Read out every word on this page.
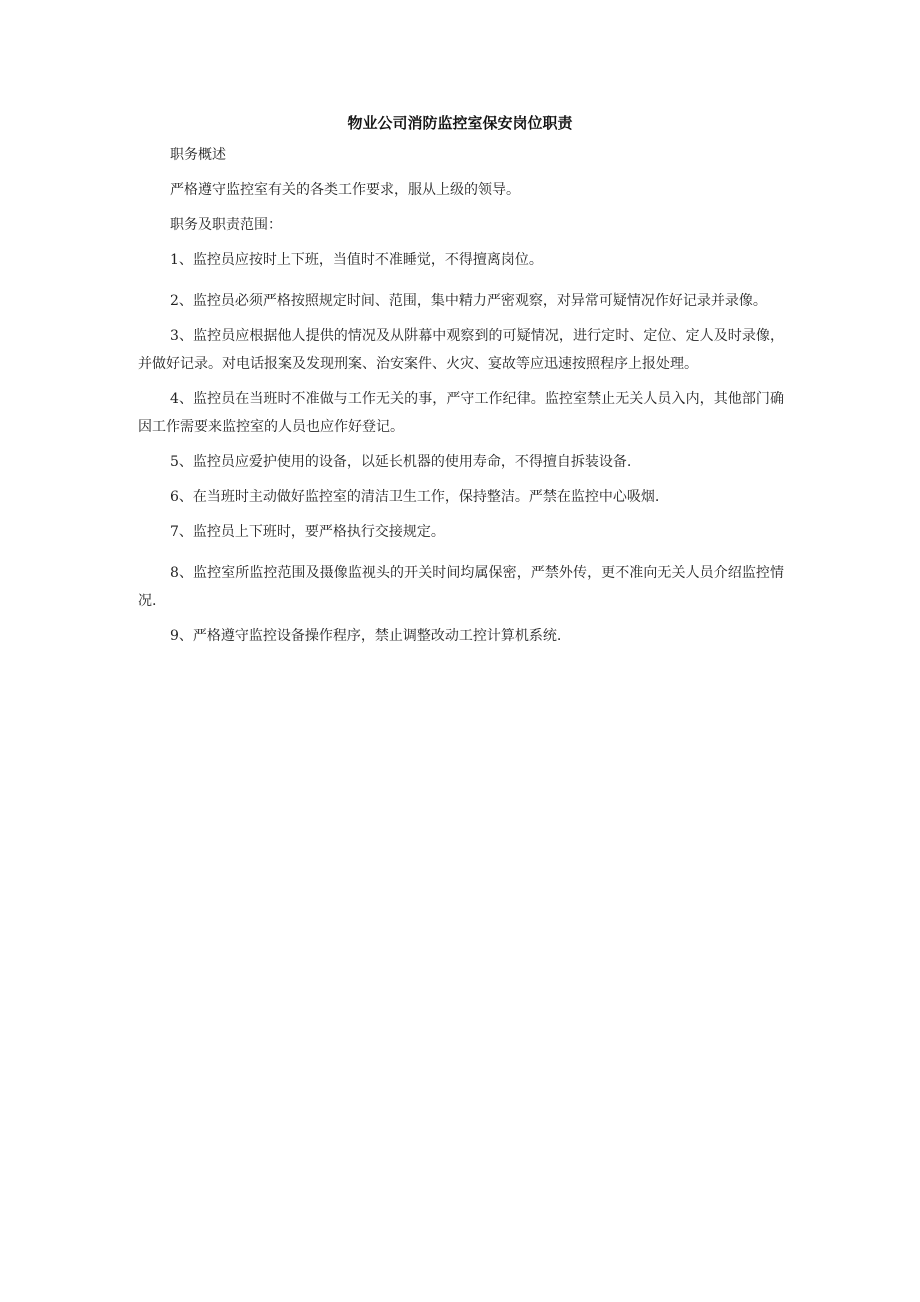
物业公司消防监控室保安岗位职责

职务概述

严格遵守监控室有关的各类工作要求，服从上级的领导。

职务及职责范围：

1、监控员应按时上下班，当值时不准睡觉，不得擅离岗位。

2、监控员必须严格按照规定时间、范围，集中精力严密观察，对异常可疑情况作好记录并录像。

3、监控员应根据他人提供的情况及从阱幕中观察到的可疑情况，进行定时、定位、定人及时录像，并做好记录。对电话报案及发现刑案、治安案件、火灾、宴故等应迅速按照程序上报处理。

4、监控员在当班时不准做与工作无关的事，严守工作纪律。监控室禁止无关人员入内，其他部门确因工作需要来监控室的人员也应作好登记。

5、监控员应爱护使用的设备，以延长机器的使用寿命，不得擅自拆装设备.

6、在当班时主动做好监控室的清洁卫生工作，保持整洁。严禁在监控中心吸烟.

7、监控员上下班时，要严格执行交接规定。

8、监控室所监控范围及摄像监视头的开关时间均属保密，严禁外传，更不准向无关人员介绍监控情况.

9、严格遵守监控设备操作程序，禁止调整改动工控计算机系统.
